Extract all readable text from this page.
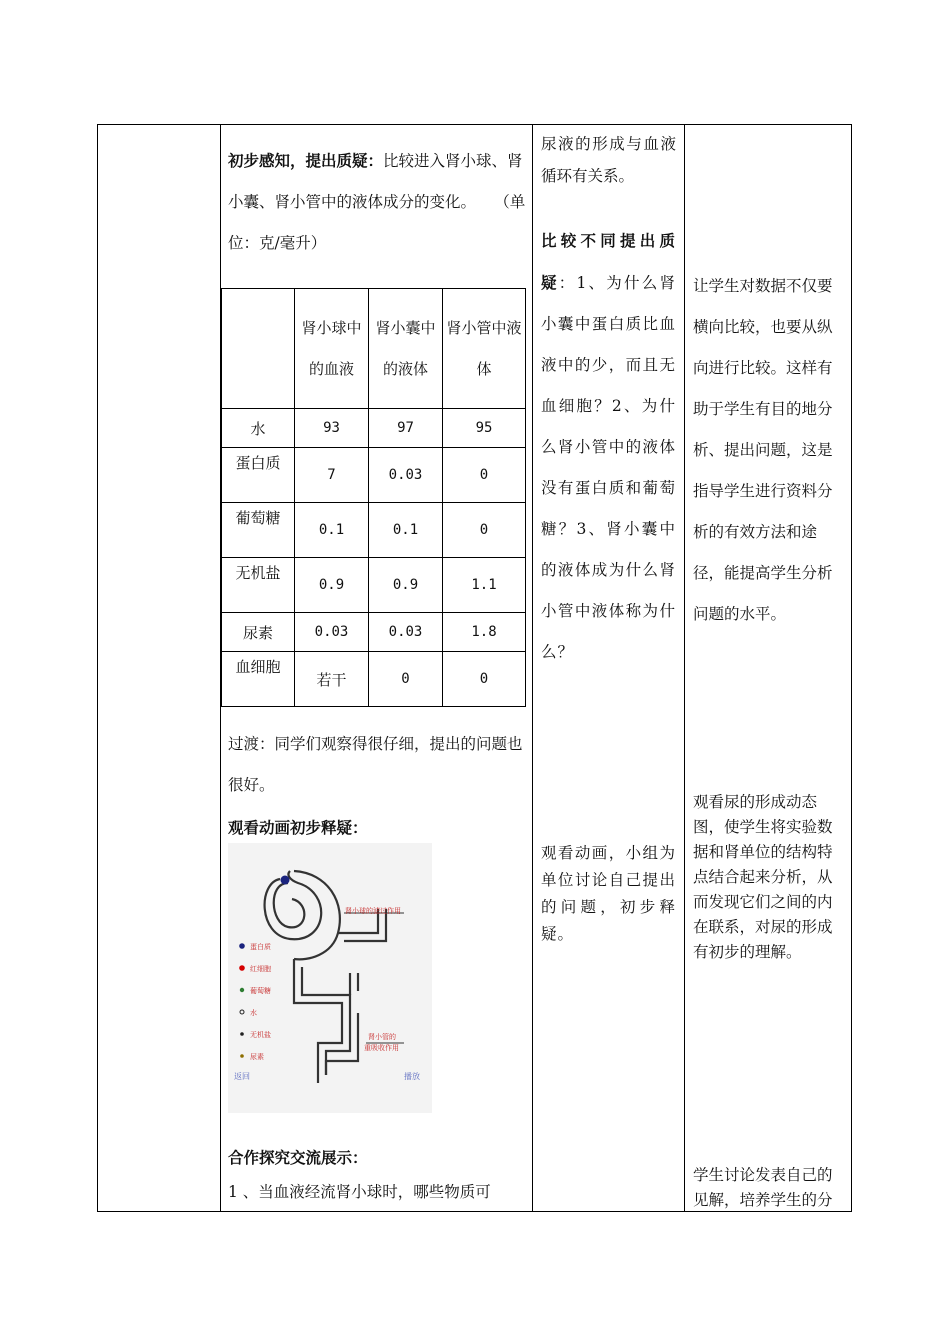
初步感知，提出质疑：比较进入肾小球、肾小囊、肾小管中的液体成分的变化。 （单位：克/毫升）

	肾小球中的血液	肾小囊中的液体	肾小管中液体
水	93	97	95
蛋白质	7	0.03	0
葡萄糖	0.1	0.1	0
无机盐	0.9	0.9	1.1
尿素	0.03	0.03	1.8
血细胞	若干	0	0

过渡：同学们观察得很仔细，提出的问题也很好。

观看动画初步释疑：

肾小球的滤过作用
肾小管的
重吸收作用
蛋白质
红细胞
葡萄糖
水
无机盐
尿素
返回	播放

合作探究交流展示：

1 、当血液经流肾小球时，哪些物质可

尿液的形成与血液循环有关系。
比较不同提出质疑：1、为什么肾小囊中蛋白质比血液中的少，而且无血细胞？2、为什么肾小管中的液体没有蛋白质和葡萄糖？3、肾小囊中的液体成为什么肾小管中液体称为什么？
观看动画，小组为单位讨论自己提出的问题，初步释疑。
让学生对数据不仅要横向比较，也要从纵向进行比较。这样有助于学生有目的地分析、提出问题，这是指导学生进行资料分析的有效方法和途径，能提高学生分析问题的水平。
观看尿的形成动态图，使学生将实验数据和肾单位的结构特点结合起来分析，从而发现它们之间的内在联系，对尿的形成有初步的理解。
学生讨论发表自己的见解，培养学生的分
